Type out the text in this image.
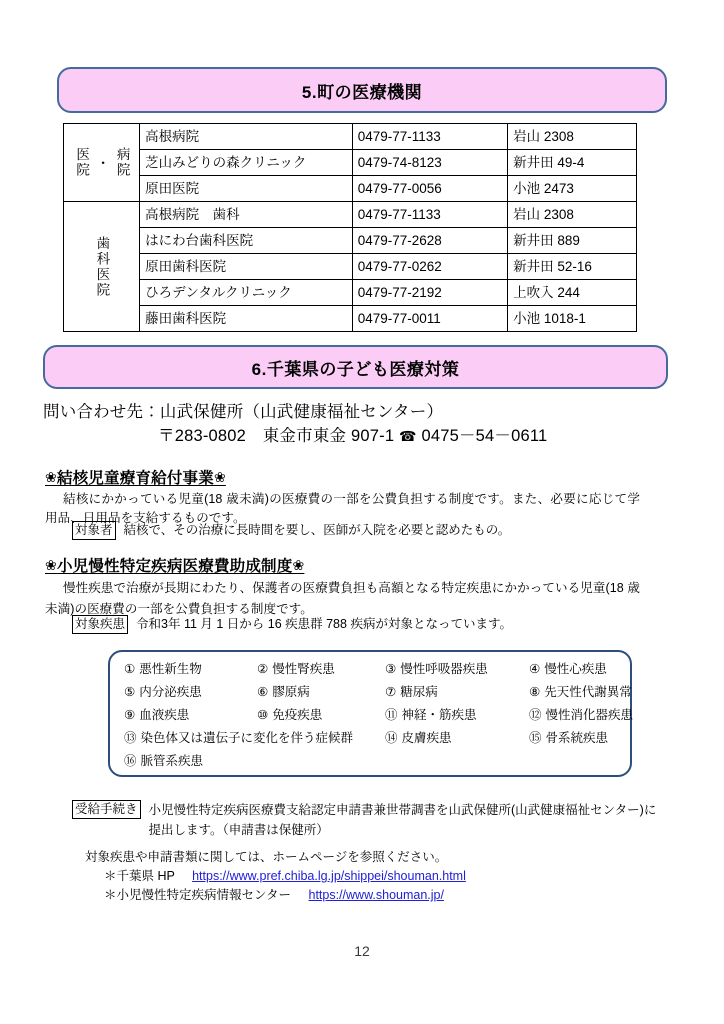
5.町の医療機関
医院 ・ 病院	高根病院	0479-77-1133	岩山 2308
	芝山みどりの森クリニック	0479-74-8123	新井田 49-4
	原田医院	0479-77-0056	小池 2473

歯科医院	高根病院　歯科	0479-77-1133	岩山 2308
	はにわ台歯科医院	0479-77-2628	新井田 889
	原田歯科医院	0479-77-0262	新井田 52-16
	ひろデンタルクリニック	0479-77-2192	上吹入 244
	藤田歯科医院	0479-77-0011	小池 1018-1
6.千葉県の子ども医療対策
問い合わせ先：山武保健所（山武健康福祉センター）
〒283-0802　東金市東金 907-1 ☎ 0475－54－0611
❀結核児童療育給付事業❀
結核にかかっている児童(18 歳未満)の医療費の一部を公費負担する制度です。また、必要に応じて学用品、日用品を支給するものです。
対象者 結核で、その治療に長時間を要し、医師が入院を必要と認めたもの。
❀小児慢性特定疾病医療費助成制度❀
慢性疾患で治療が長期にわたり、保護者の医療費負担も高額となる特定疾患にかかっている児童(18 歳未満)の医療費の一部を公費負担する制度です。
対象疾患 令和3年 11 月 1 日から 16 疾患群 788 疾病が対象となっています。
① 悪性新生物	② 慢性腎疾患	③ 慢性呼吸器疾患	④ 慢性心疾患
⑤ 内分泌疾患	⑥ 膠原病	⑦ 糖尿病	⑧ 先天性代謝異常
⑨ 血液疾患	⑩ 免疫疾患	⑪ 神経・筋疾患	⑫ 慢性消化器疾患
⑬ 染色体又は遺伝子に変化を伴う症候群	⑭ 皮膚疾患	⑮ 骨系統疾患
⑯ 脈管系疾患
受給手続き 小児慢性特定疾病医療費支給認定申請書兼世帯調書を山武保健所(山武健康福祉センター)に提出します。（申請書は保健所）
対象疾患や申請書類に関しては、ホームページを参照ください。
＊千葉県 HP https://www.pref.chiba.lg.jp/shippei/shouman.html
＊小児慢性特定疾病情報センター https://www.shouman.jp/
12
